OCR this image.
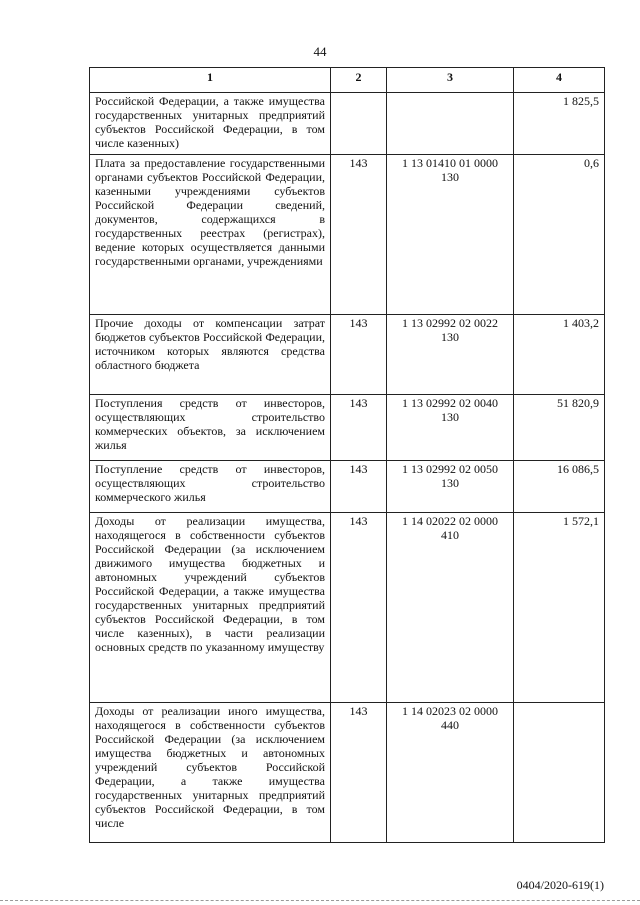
44
1	2	3	4
Российской Федерации, а также имущества государственных унитарных предприятий субъектов Российской Федерации, в том числе казенных)			1 825,5
Плата за предоставление государственными органами субъектов Российской Федерации, казенными учреждениями субъектов Российской Федерации сведений, документов, содержащихся в государственных реестрах (регистрах), ведение которых осуществляется данными государственными органами, учреждениями	143	1 13 01410 01 0000 130	0,6
Прочие доходы от компенсации затрат бюджетов субъектов Российской Федерации, источником которых являются средства областного бюджета	143	1 13 02992 02 0022 130	1 403,2
Поступления средств от инвесторов, осуществляющих строительство коммерческих объектов, за исключением жилья	143	1 13 02992 02 0040 130	51 820,9
Поступление средств от инвесторов, осуществляющих строительство коммерческого жилья	143	1 13 02992 02 0050 130	16 086,5
Доходы от реализации имущества, находящегося в собственности субъектов Российской Федерации (за исключением движимого имущества бюджетных и автономных учреждений субъектов Российской Федерации, а также имущества государственных унитарных предприятий субъектов Российской Федерации, в том числе казенных), в части реализации основных средств по указанному имуществу	143	1 14 02022 02 0000 410	1 572,1
Доходы от реализации иного имущества, находящегося в собственности субъектов Российской Федерации (за исключением имущества бюджетных и автономных учреждений субъектов Российской Федерации, а также имущества государственных унитарных предприятий субъектов Российской Федерации, в том числе	143	1 14 02023 02 0000 440	
0404/2020-619(1)
